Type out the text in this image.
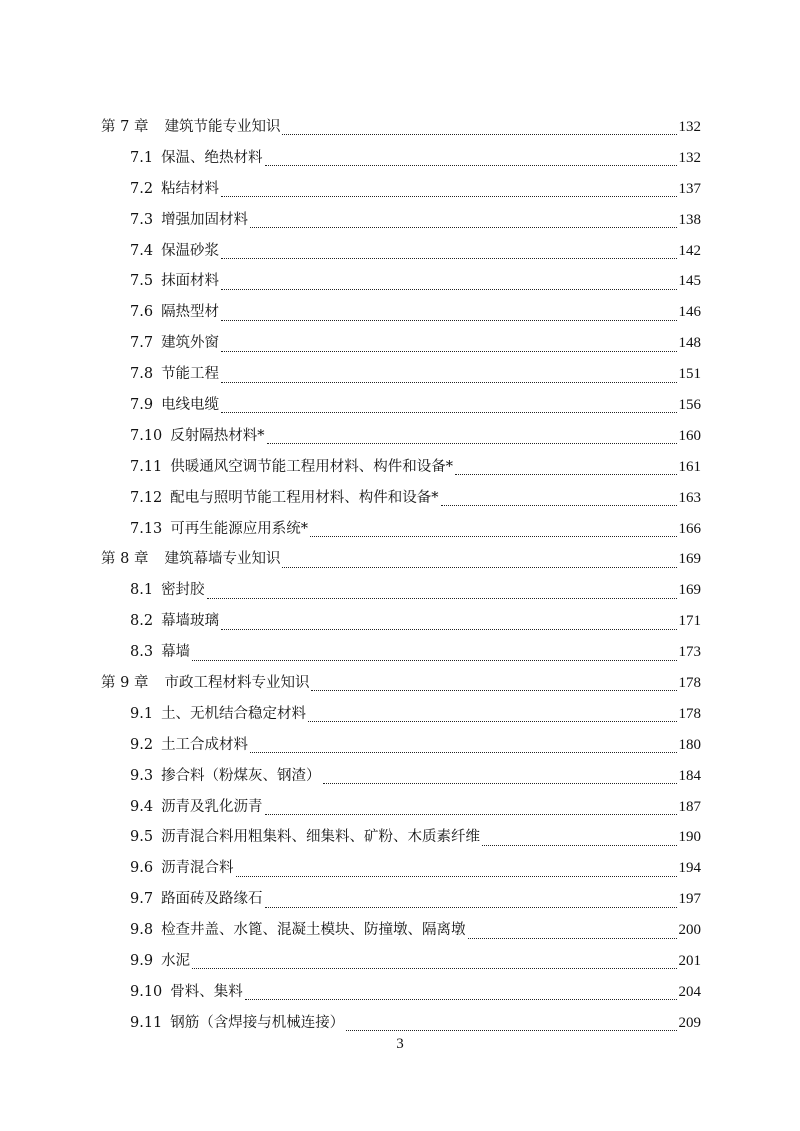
第 7 章	建筑节能专业知识	132
7.1 保温、绝热材料	132
7.2 粘结材料	137
7.3 增强加固材料	138
7.4 保温砂浆	142
7.5 抹面材料	145
7.6 隔热型材	146
7.7 建筑外窗	148
7.8 节能工程	151
7.9 电线电缆	156
7.10 反射隔热材料*	160
7.11 供暖通风空调节能工程用材料、构件和设备*	161
7.12 配电与照明节能工程用材料、构件和设备*	163
7.13 可再生能源应用系统*	166
第 8 章	建筑幕墙专业知识	169
8.1 密封胶	169
8.2 幕墙玻璃	171
8.3 幕墙	173
第 9 章	市政工程材料专业知识	178
9.1 土、无机结合稳定材料	178
9.2 土工合成材料	180
9.3 掺合料（粉煤灰、钢渣）	184
9.4 沥青及乳化沥青	187
9.5 沥青混合料用粗集料、细集料、矿粉、木质素纤维	190
9.6 沥青混合料	194
9.7 路面砖及路缘石	197
9.8 检查井盖、水篦、混凝土模块、防撞墩、隔离墩	200
9.9 水泥	201
9.10 骨料、集料	204
9.11 钢筋（含焊接与机械连接）	209
3
